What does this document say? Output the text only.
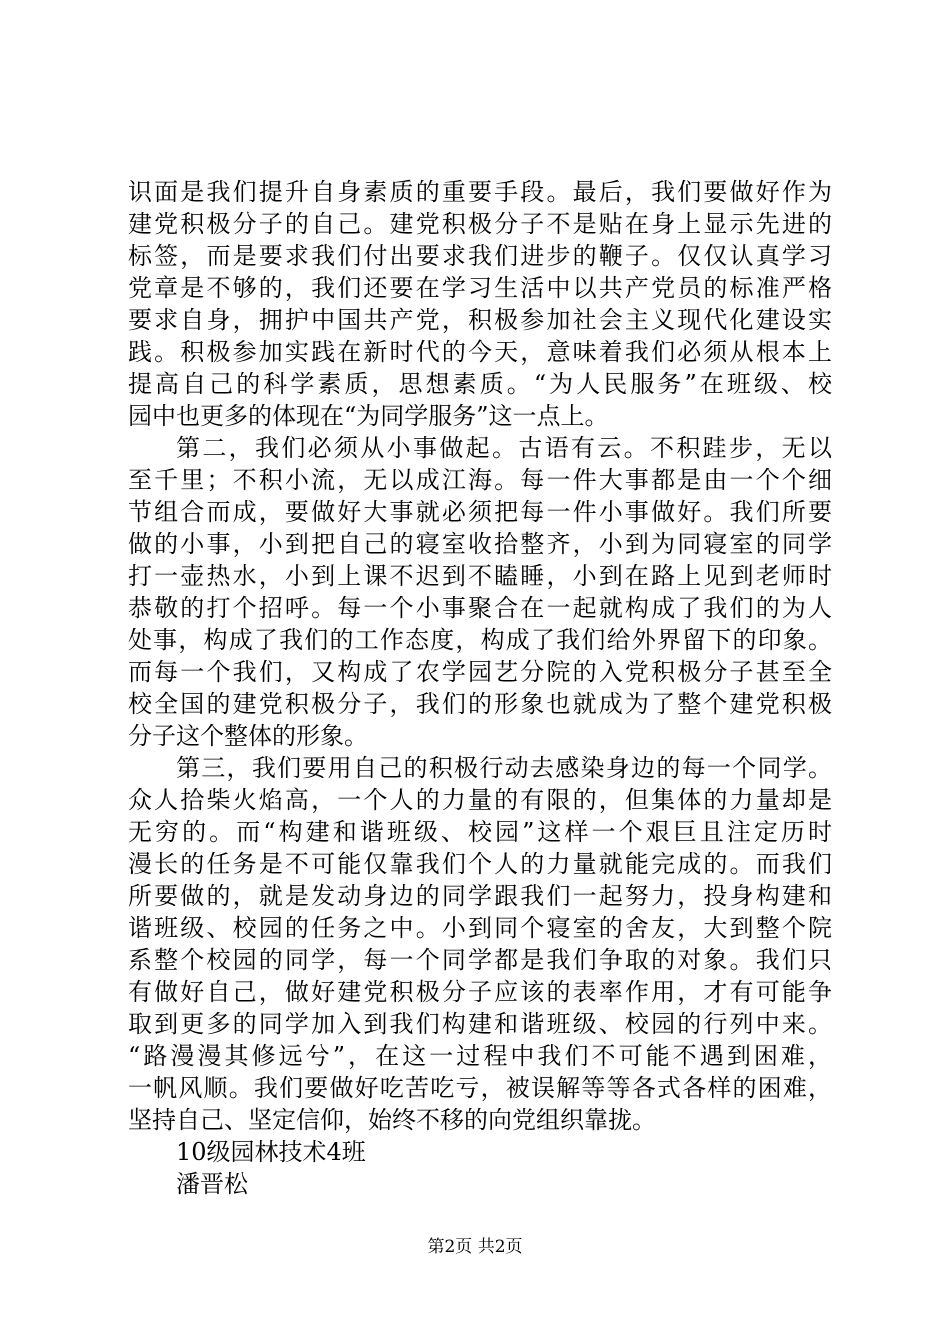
识面是我们提升自身素质的重要手段。最后，我们要做好作为
建党积极分子的自己。建党积极分子不是贴在身上显示先进的
标签，而是要求我们付出要求我们进步的鞭子。仅仅认真学习
党章是不够的，我们还要在学习生活中以共产党员的标准严格
要求自身，拥护中国共产党，积极参加社会主义现代化建设实
践。积极参加实践在新时代的今天，意味着我们必须从根本上
提高自己的科学素质，思想素质。“为人民服务”在班级、校
园中也更多的体现在“为同学服务”这一点上。
第二，我们必须从小事做起。古语有云。不积跬步，无以
至千里；不积小流，无以成江海。每一件大事都是由一个个细
节组合而成，要做好大事就必须把每一件小事做好。我们所要
做的小事，小到把自己的寝室收拾整齐，小到为同寝室的同学
打一壶热水，小到上课不迟到不瞌睡，小到在路上见到老师时
恭敬的打个招呼。每一个小事聚合在一起就构成了我们的为人
处事，构成了我们的工作态度，构成了我们给外界留下的印象。
而每一个我们，又构成了农学园艺分院的入党积极分子甚至全
校全国的建党积极分子，我们的形象也就成为了整个建党积极
分子这个整体的形象。
第三，我们要用自己的积极行动去感染身边的每一个同学。
众人拾柴火焰高，一个人的力量的有限的，但集体的力量却是
无穷的。而“构建和谐班级、校园”这样一个艰巨且注定历时
漫长的任务是不可能仅靠我们个人的力量就能完成的。而我们
所要做的，就是发动身边的同学跟我们一起努力，投身构建和
谐班级、校园的任务之中。小到同个寝室的舍友，大到整个院
系整个校园的同学，每一个同学都是我们争取的对象。我们只
有做好自己，做好建党积极分子应该的表率作用，才有可能争
取到更多的同学加入到我们构建和谐班级、校园的行列中来。
“路漫漫其修远兮”，在这一过程中我们不可能不遇到困难，
一帆风顺。我们要做好吃苦吃亏，被误解等等各式各样的困难，
坚持自己、坚定信仰，始终不移的向党组织靠拢。
10级园林技术4班
潘晋松
第2页 共2页
